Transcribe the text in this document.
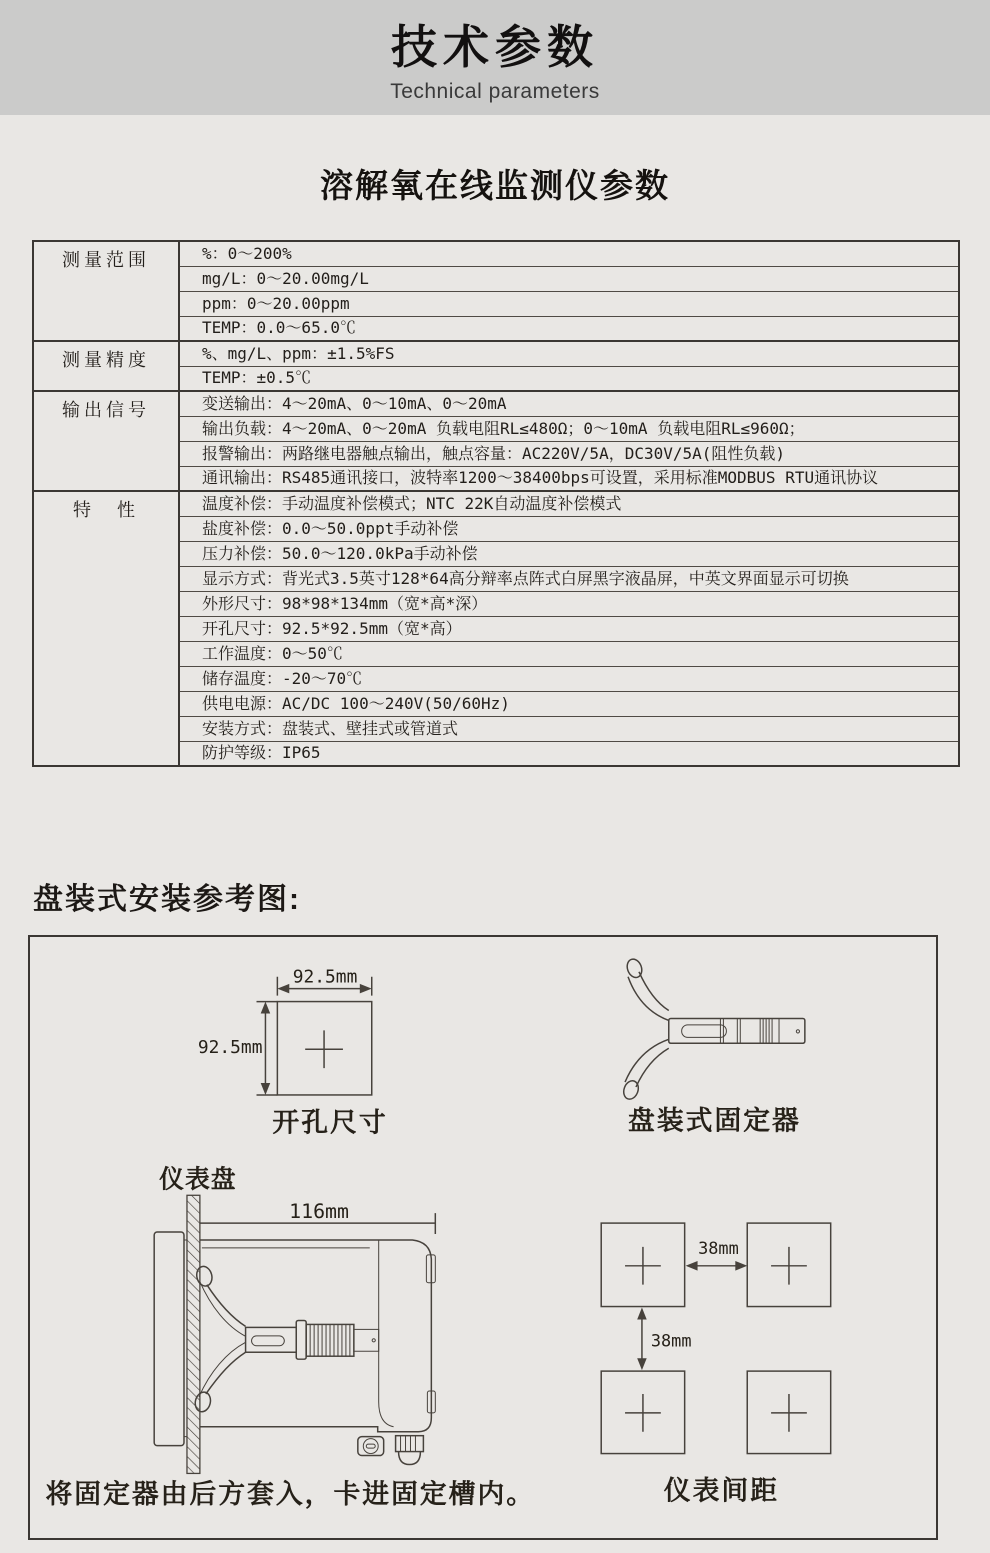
技术参数

Technical parameters

溶解氧在线监测仪参数
测量范围	%：0～200%
	mg/L：0～20.00mg/L
	ppm：0～20.00ppm
	TEMP：0.0～65.0℃
测量精度	%、mg/L、ppm：±1.5%FS
	TEMP：±0.5℃
输出信号	变送输出：4～20mA、0～10mA、0～20mA
	输出负载：4～20mA、0～20mA 负载电阻RL≤480Ω；0～10mA 负载电阻RL≤960Ω；
	报警输出：两路继电器触点输出，触点容量：AC220V/5A，DC30V/5A(阻性负载)
	通讯输出：RS485通讯接口，波特率1200～38400bps可设置，采用标准MODBUS RTU通讯协议
特　性	温度补偿：手动温度补偿模式；NTC 22K自动温度补偿模式
	盐度补偿：0.0～50.0ppt手动补偿
	压力补偿：50.0～120.0kPa手动补偿
	显示方式：背光式3.5英寸128*64高分辩率点阵式白屏黑字液晶屏，中英文界面显示可切换
	外形尺寸：98*98*134mm（宽*高*深）
	开孔尺寸：92.5*92.5mm（宽*高）
	工作温度：0～50℃
	储存温度：-20～70℃
	供电电源：AC/DC 100～240V(50/60Hz)
	安装方式：盘装式、壁挂式或管道式
	防护等级：IP65
盘装式安装参考图:
92.5mm
92.5mm
开孔尺寸	盘装式固定器
仪表盘
116mm
将固定器由后方套入，卡进固定槽内。
38mm
38mm
仪表间距
